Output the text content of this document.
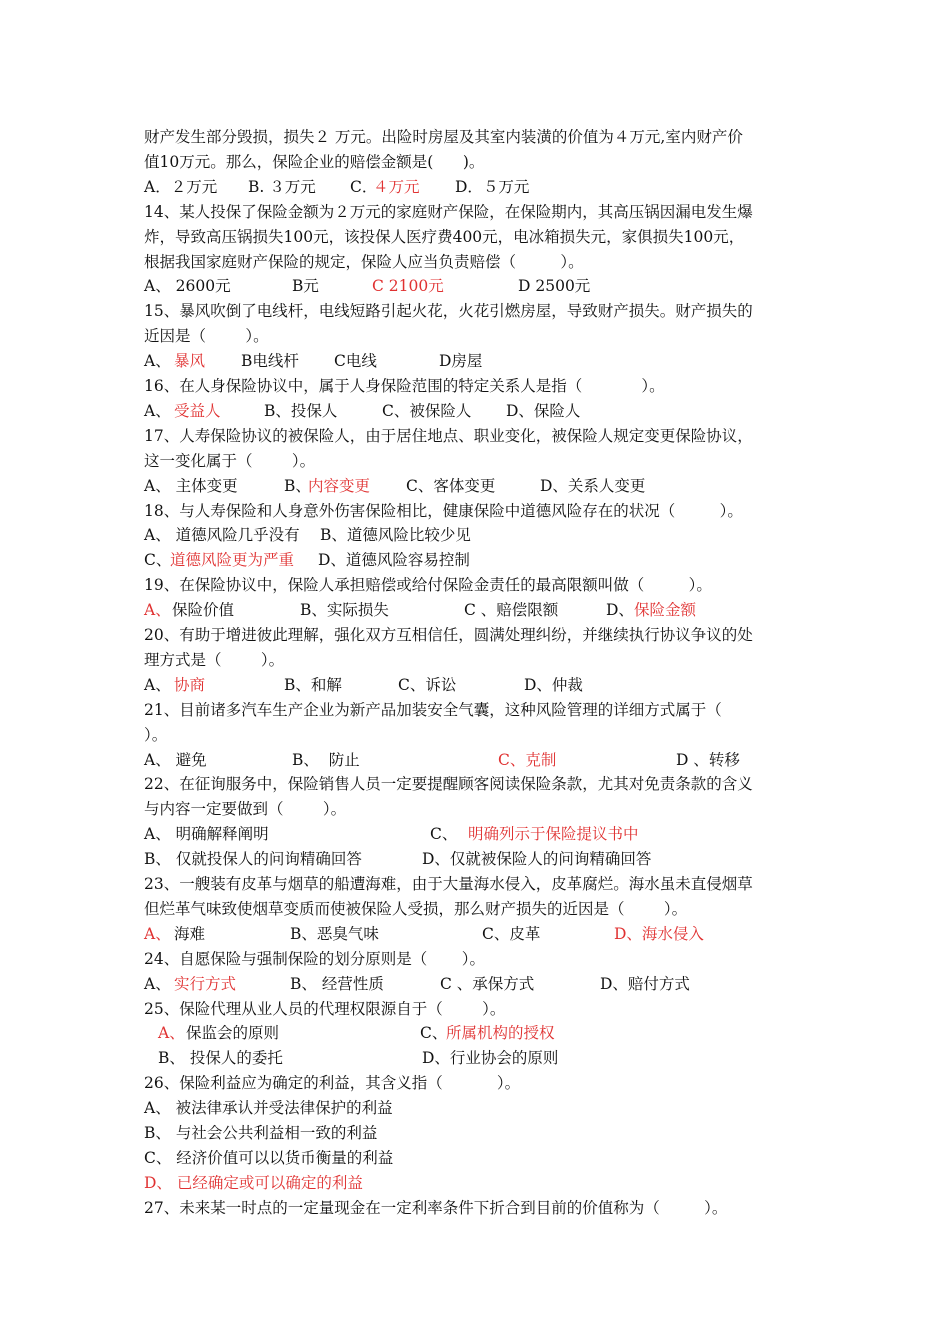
财产发生部分毁损，损失２ 万元。出险时房屋及其室内装潢的价值为４万元,室内财产价
值10万元。那么，保险企业的赔偿金额是(      )。
A．２万元 B. ３万元 C．
４万元 D．５万元
14、某人投保了保险金额为２万元的家庭财产保险，在保险期内，其高压锅因漏电发生爆
炸，导致高压锅损失100元，该投保人医疗费400元，电冰箱损失元，家俱损失100元，
根据我国家庭财产保险的规定，保险人应当负责赔偿（         ）。
A、 2600元	B元	C 2100元	D 2500元
15、暴风吹倒了电线杆，电线短路引起火花，火花引燃房屋，导致财产损失。财产损失的
近因是（        ）。
A、 暴风 B电线杆 C电线	D房屋
16、在人身保险协议中，属于人身保险范围的特定关系人是指（            ）。
A、 受益人	B、投保人	C、被保险人 D、保险人
17、人寿保险协议的被保险人，由于居住地点、职业变化，被保险人规定变更保险协议，
这一变化属于（        ）。
A、 主体变更	B、
内容变更 C、客体变更	D、关系人变更
18、与人寿保险和人身意外伤害保险相比，健康保险中道德风险存在的状况（         ）。
A、 道德风险几乎没有 B、道德风险比较少见
C、
道德风险更为严重 D、道德风险容易控制
19、在保险协议中，保险人承担赔偿或给付保险金责任的最高限额叫做（         ）。
A、 保险价值	B、实际损失	C 、赔偿限额	D、 保险金额
20、有助于增进彼此理解，强化双方互相信任，圆满处理纠纷，并继续执行协议争议的处
理方式是（        ）。
A、 协商	B、和解	C、诉讼	D、仲裁
21、目前诸多汽车生产企业为新产品加装安全气囊，这种风险管理的详细方式属于（
）。
A、 避免	B、  防止	C、克制	D 、转移
22、在征询服务中，保险销售人员一定要提醒顾客阅读保险条款，尤其对免责条款的含义
与内容一定要做到（        ）。
A、 明确解释阐明	C、 明确列示于保险提议书中
B、 仅就投保人的问询精确回答	D、仅就被保险人的问询精确回答
23、一艘装有皮革与烟草的船遭海难，由于大量海水侵入，皮革腐烂。海水虽未直侵烟草
但烂革气味致使烟草变质而使被保险人受损，那么财产损失的近因是（        ）。
A、 海难	B、恶臭气味	C、皮革	D、海水侵入
24、自愿保险与强制保险的划分原则是（       ）。
A、 实行方式	B、 经营性质	C 、承保方式	D、赔付方式
25、保险代理从业人员的代理权限源自于（        ）。
A、 保监会的原则	C、
所属机构的授权
B、 投保人的委托	D、行业协会的原则
26、保险利益应为确定的利益，其含义指（           ）。
A、 被法律承认并受法律保护的利益
B、 与社会公共利益相一致的利益
C、 经济价值可以以货币衡量的利益
D、 已经确定或可以确定的利益
27、未来某一时点的一定量现金在一定利率条件下折合到目前的价值称为（         ）。
